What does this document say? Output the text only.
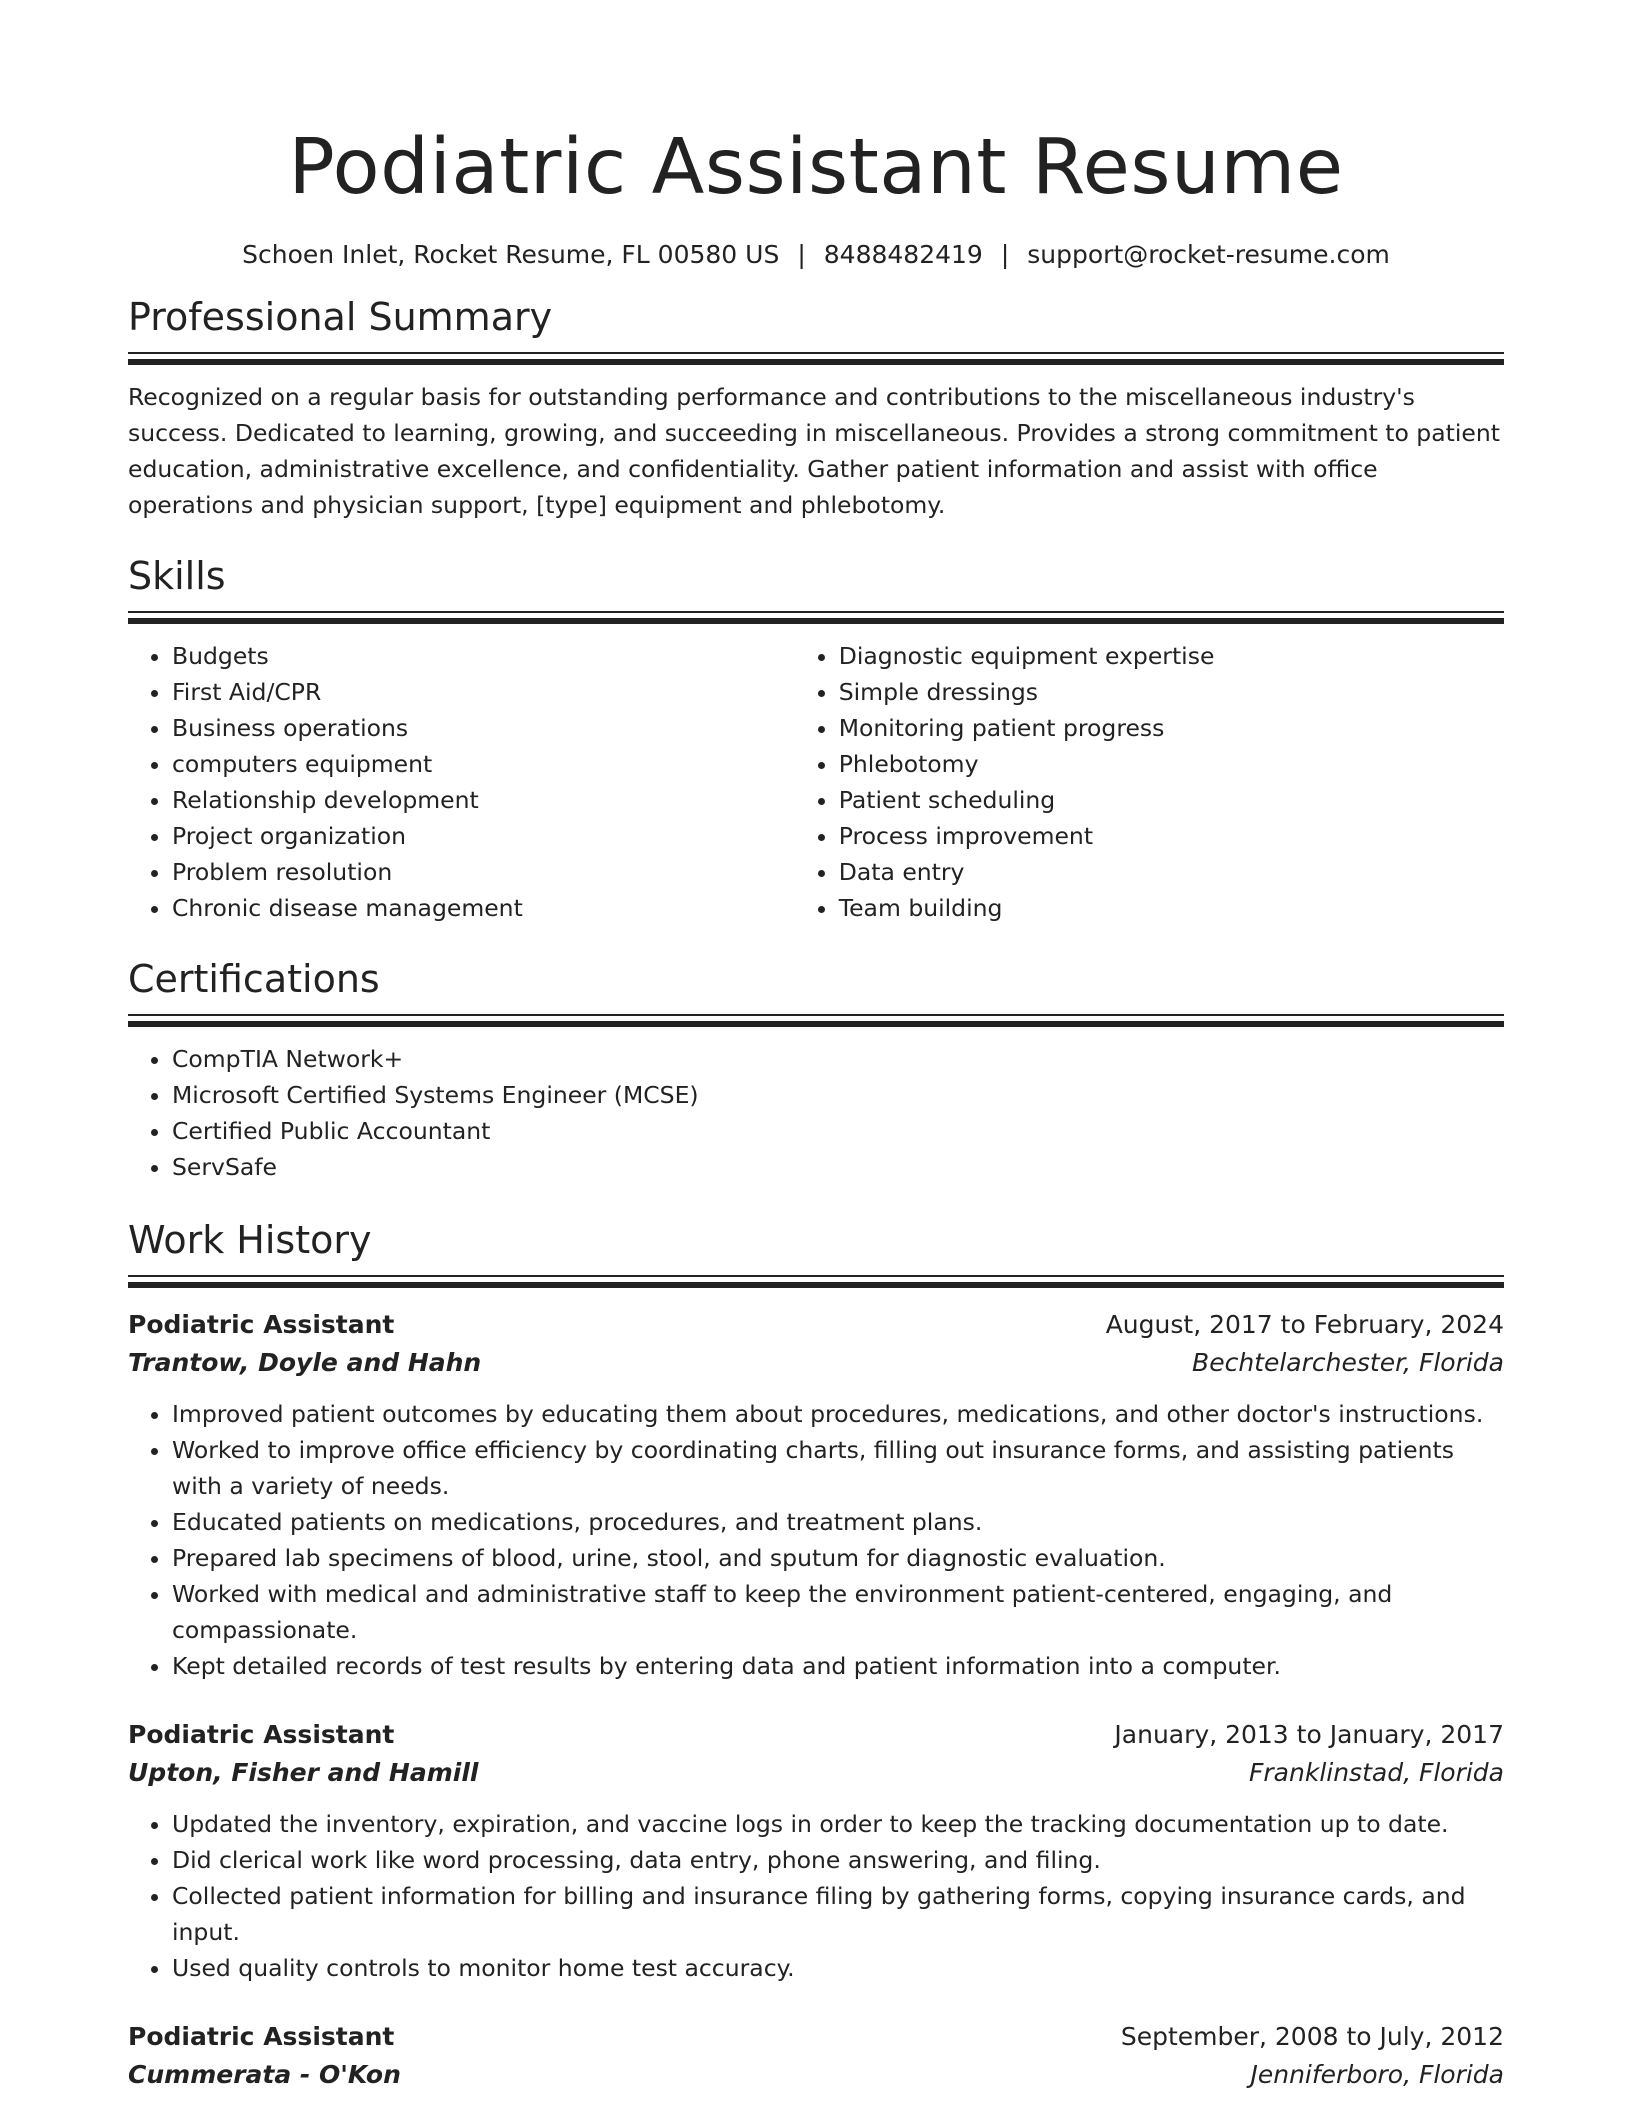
Podiatric Assistant Resume
Schoen Inlet, Rocket Resume, FL 00580 US | 8488482419 | support@rocket-resume.com
Professional Summary

Recognized on a regular basis for outstanding performance and contributions to the miscellaneous industry's success. Dedicated to learning, growing, and succeeding in miscellaneous. Provides a strong commitment to patient education, administrative excellence, and confidentiality. Gather patient information and assist with office operations and physician support, [type] equipment and phlebotomy.

Skills
• Budgets
• First Aid/CPR
• Business operations
• computers equipment
• Relationship development
• Project organization
• Problem resolution
• Chronic disease management
• Diagnostic equipment expertise
• Simple dressings
• Monitoring patient progress
• Phlebotomy
• Patient scheduling
• Process improvement
• Data entry
• Team building
Certifications
• CompTIA Network+
• Microsoft Certified Systems Engineer (MCSE)
• Certified Public Accountant
• ServSafe
Work History
Podiatric Assistant	August, 2017 to February, 2024
Trantow, Doyle and Hahn	Bechtelarchester, Florida
• Improved patient outcomes by educating them about procedures, medications, and other doctor's instructions.
• Worked to improve office efficiency by coordinating charts, filling out insurance forms, and assisting patients with a variety of needs.
• Educated patients on medications, procedures, and treatment plans.
• Prepared lab specimens of blood, urine, stool, and sputum for diagnostic evaluation.
• Worked with medical and administrative staff to keep the environment patient-centered, engaging, and compassionate.
• Kept detailed records of test results by entering data and patient information into a computer.
Podiatric Assistant	January, 2013 to January, 2017
Upton, Fisher and Hamill	Franklinstad, Florida
• Updated the inventory, expiration, and vaccine logs in order to keep the tracking documentation up to date.
• Did clerical work like word processing, data entry, phone answering, and filing.
• Collected patient information for billing and insurance filing by gathering forms, copying insurance cards, and input.
• Used quality controls to monitor home test accuracy.
Podiatric Assistant	September, 2008 to July, 2012
Cummerata - O'Kon	Jenniferboro, Florida
